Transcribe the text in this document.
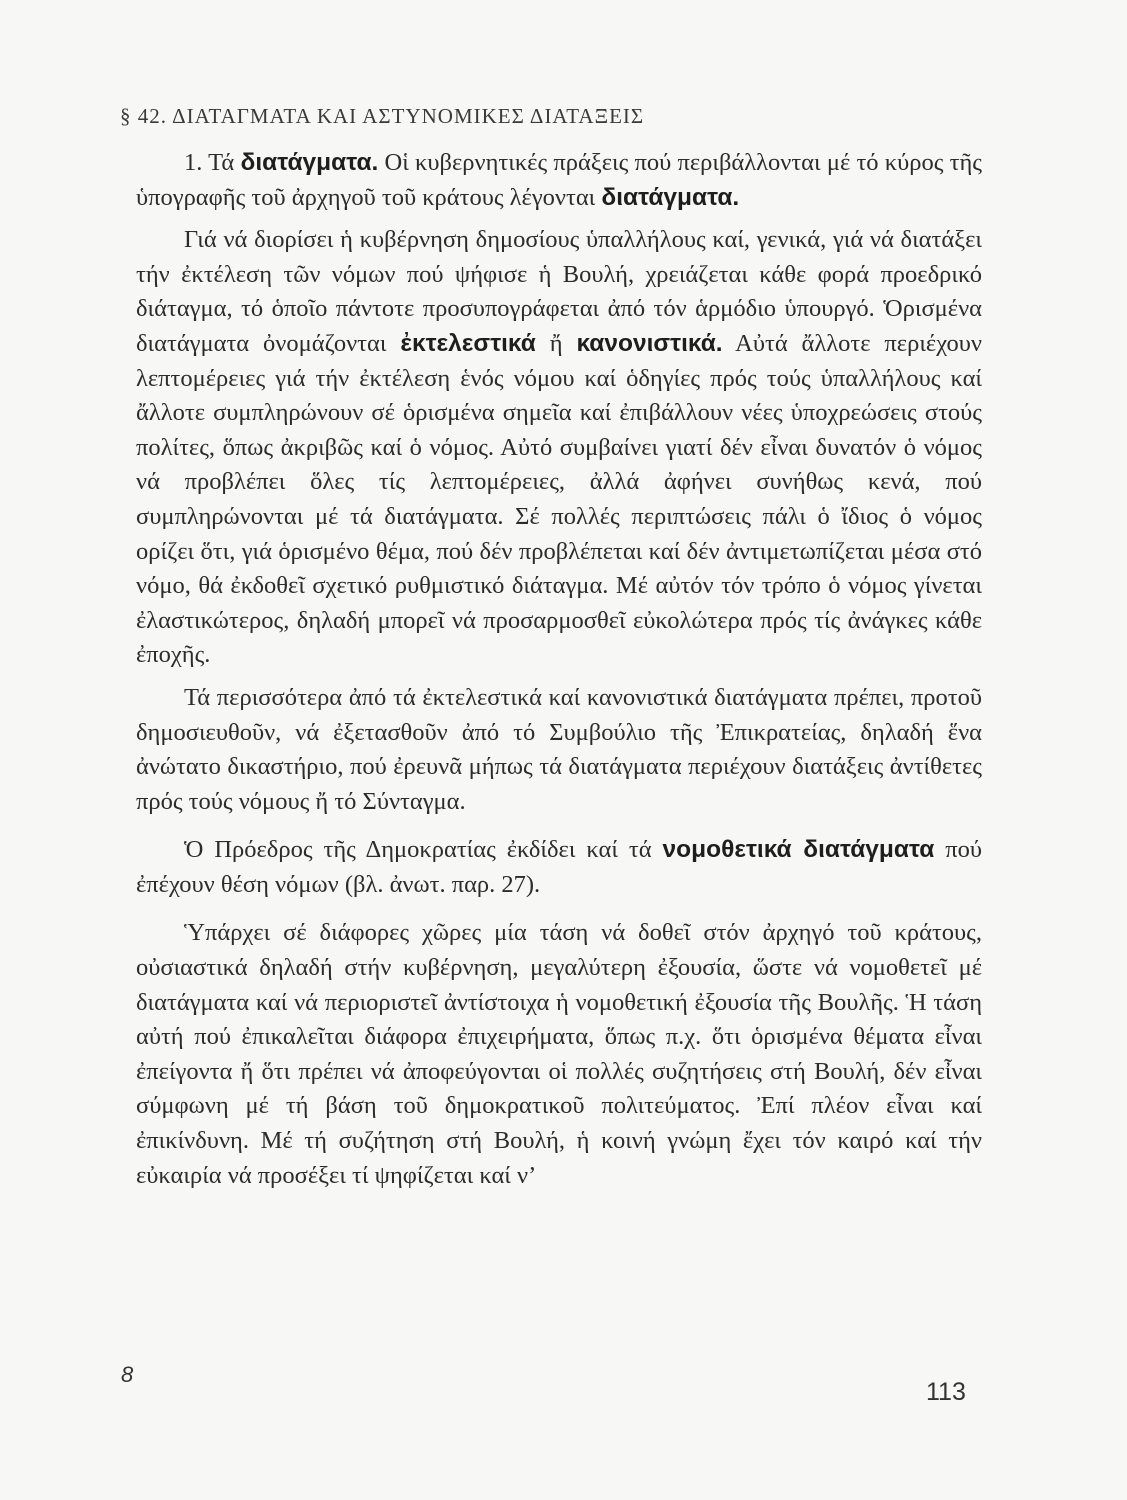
§ 42. ΔΙΑΤΑΓΜΑΤΑ ΚΑΙ ΑΣΤΥΝΟΜΙΚΕΣ ΔΙΑΤΑΞΕΙΣ

1. Τά διατάγματα. Οἱ κυβερνητικές πράξεις πού περιβάλλονται μέ τό κύρος τῆς ὑπογραφῆς τοῦ ἀρχηγοῦ τοῦ κράτους λέγονται διατάγματα.

Γιά νά διορίσει ἡ κυβέρνηση δημοσίους ὑπαλλήλους καί, γενικά, γιά νά διατάξει τήν ἐκτέλεση τῶν νόμων πού ψήφισε ἡ Βουλή, χρειάζεται κάθε φορά προεδρικό διάταγμα, τό ὁποῖο πάντοτε προσυπογράφεται ἀπό τόν ἁρμόδιο ὑπουργό. Ὁρισμένα διατάγματα ὀνομάζονται ἐκτελεστικά ἤ κανονιστικά. Αὐτά ἄλλοτε περιέχουν λεπτομέρειες γιά τήν ἐκτέλεση ἑνός νόμου καί ὁδηγίες πρός τούς ὑπαλλήλους καί ἄλλοτε συμπληρώνουν σέ ὁρισμένα σημεῖα καί ἐπιβάλλουν νέες ὑποχρεώσεις στούς πολίτες, ὅπως ἀκριβῶς καί ὁ νόμος. Αὐτό συμβαίνει γιατί δέν εἶναι δυνατόν ὁ νόμος νά προβλέπει ὅλες τίς λεπτομέρειες, ἀλλά ἀφήνει συνήθως κενά, πού συμπληρώνονται μέ τά διατάγματα. Σέ πολλές περιπτώσεις πάλι ὁ ἴδιος ὁ νόμος ορίζει ὅτι, γιά ὁρισμένο θέμα, πού δέν προβλέπεται καί δέν ἀντιμετωπίζεται μέσα στό νόμο, θά ἐκδοθεῖ σχετικό ρυθμιστικό διάταγμα. Μέ αὐτόν τόν τρόπο ὁ νόμος γίνεται ἐλαστικώτερος, δηλαδή μπορεῖ νά προσαρμοσθεῖ εὐκολώτερα πρός τίς ἀνάγκες κάθε ἐποχῆς.

Τά περισσότερα ἀπό τά ἐκτελεστικά καί κανονιστικά διατάγματα πρέπει, προτοῦ δημοσιευθοῦν, νά ἐξετασθοῦν ἀπό τό Συμβούλιο τῆς Ἐπικρατείας, δηλαδή ἕνα ἀνώτατο δικαστήριο, πού ἐρευνᾶ μήπως τά διατάγματα περιέχουν διατάξεις ἀντίθετες πρός τούς νόμους ἤ τό Σύνταγμα.

Ὁ Πρόεδρος τῆς Δημοκρατίας ἐκδίδει καί τά νομοθετικά διατάγματα πού ἐπέχουν θέση νόμων (βλ. ἀνωτ. παρ. 27).

Ὑπάρχει σέ διάφορες χῶρες μία τάση νά δοθεῖ στόν ἀρχηγό τοῦ κράτους, οὐσιαστικά δηλαδή στήν κυβέρνηση, μεγαλύτερη ἐξουσία, ὥστε νά νομοθετεῖ μέ διατάγματα καί νά περιοριστεῖ ἀντίστοιχα ἡ νομοθετική ἐξουσία τῆς Βουλῆς. Ἡ τάση αὐτή πού ἐπικαλεῖται διάφορα ἐπιχειρήματα, ὅπως π.χ. ὅτι ὁρισμένα θέματα εἶναι ἐπείγοντα ἤ ὅτι πρέπει νά ἀποφεύγονται οἱ πολλές συζητήσεις στή Βουλή, δέν εἶναι σύμφωνη μέ τή βάση τοῦ δημοκρατικοῦ πολιτεύματος. Ἐπί πλέον εἶναι καί ἐπικίνδυνη. Μέ τή συζήτηση στή Βουλή, ἡ κοινή γνώμη ἔχει τόν καιρό καί τήν εὐκαιρία νά προσέξει τί ψηφίζεται καί ν’

8
113
